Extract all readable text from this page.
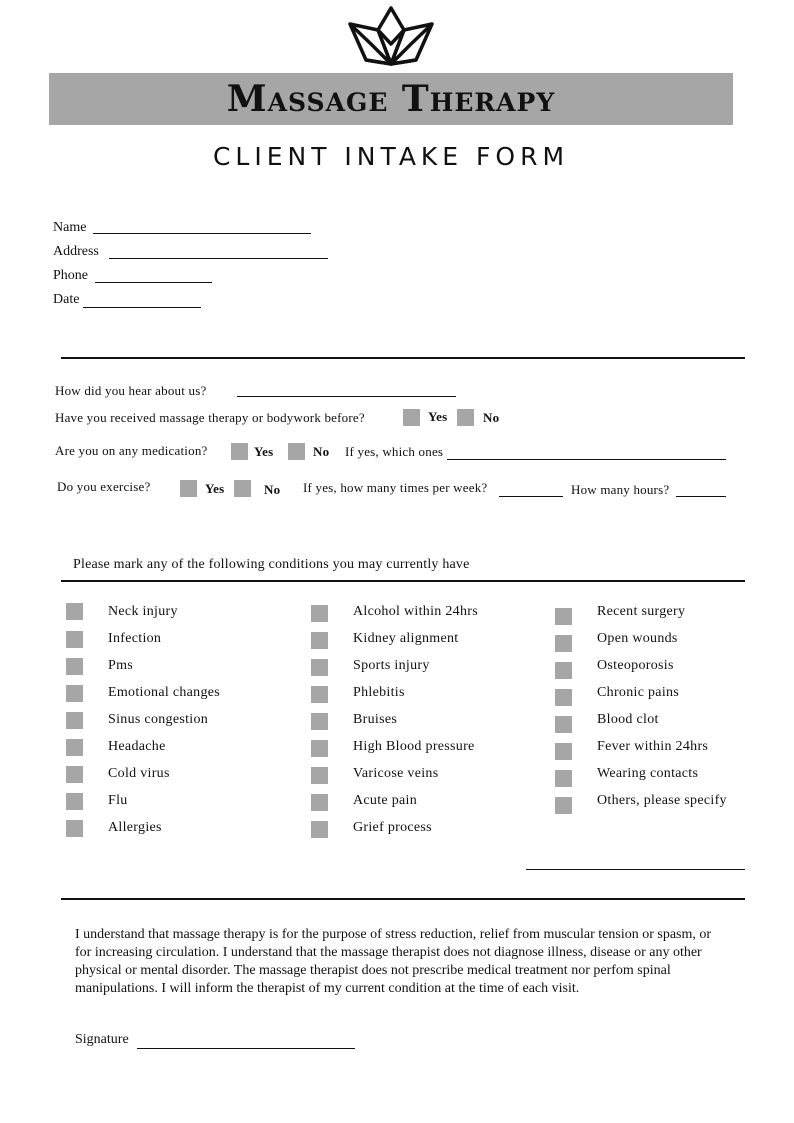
Massage Therapy
CLIENT INTAKE FORM
Name
Address
Phone
Date
How did you hear about us?
Have you received massage therapy or bodywork before?	Yes	No
Are you on any medication?	Yes	No If yes, which ones
Do you exercise?	Yes	No If yes, how many times per week?	How many hours?
Please mark any of the following conditions you may currently have
Neck injury
Infection
Pms
Emotional changes
Sinus congestion
Headache
Cold virus
Flu
Allergies
Alcohol within 24hrs
Kidney alignment
Sports injury
Phlebitis
Bruises
High Blood pressure
Varicose veins
Acute pain
Grief process
Recent surgery
Open wounds
Osteoporosis
Chronic pains
Blood clot
Fever within 24hrs
Wearing contacts
Others, please specify
I understand that massage therapy is for the purpose of stress reduction, relief from muscular tension or spasm, or for increasing circulation. I understand that the massage therapist does not diagnose illness, disease or any other physical or mental disorder. The massage therapist does not prescribe medical treatment nor perfom spinal manipulations. I will inform the therapist of my current condition at the time of each visit.
Signature
